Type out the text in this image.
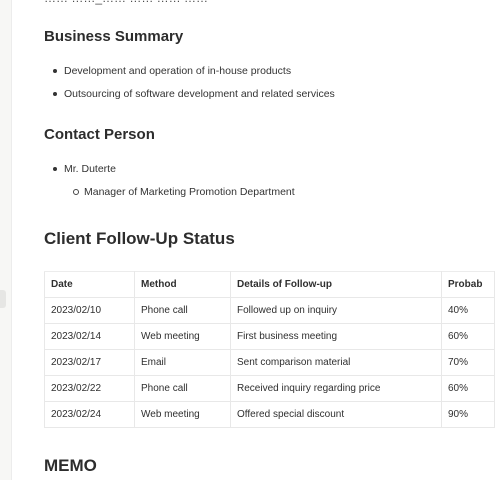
Business Summary
Development and operation of in-house products
Outsourcing of software development and related services
Contact Person
Mr. Duterte
Manager of Marketing Promotion Department
Client Follow-Up Status
Date	Method	Details of Follow-up	Probab
2023/02/10	Phone call	Followed up on inquiry	40%
2023/02/14	Web meeting	First business meeting	60%
2023/02/17	Email	Sent comparison material	70%
2023/02/22	Phone call	Received inquiry regarding price	60%
2023/02/24	Web meeting	Offered special discount	90%
MEMO
